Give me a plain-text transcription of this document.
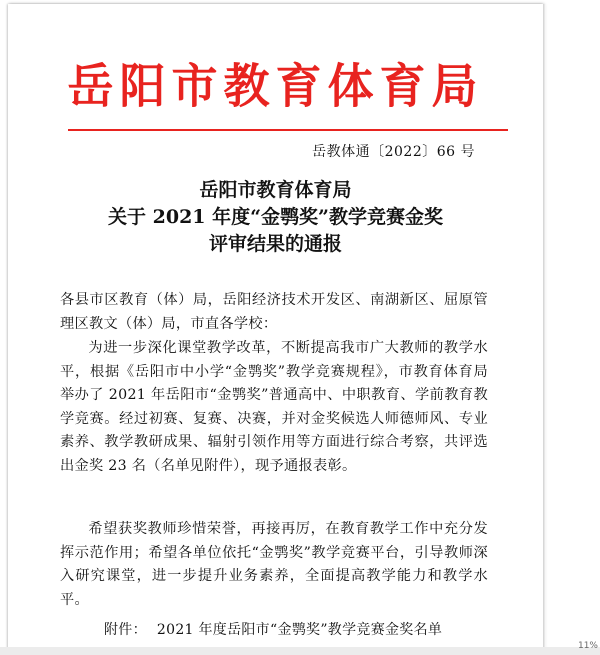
岳阳市教育体育局
岳教体通〔2022〕66 号
岳阳市教育体育局
关于 2021 年度“金鹗奖”教学竞赛金奖
评审结果的通报
各县市区教育（体）局，岳阳经济技术开发区、南湖新区、屈原管理区教文（体）局，市直各学校：
为进一步深化课堂教学改革，不断提高我市广大教师的教学水平，根据《岳阳市中小学“金鹗奖”教学竞赛规程》，市教育体育局举办了 2021 年岳阳市“金鹗奖”普通高中、中职教育、学前教育教学竞赛。经过初赛、复赛、决赛，并对金奖候选人师德师风、专业素养、教学教研成果、辐射引领作用等方面进行综合考察，共评选出金奖 23 名（名单见附件），现予通报表彰。
希望获奖教师珍惜荣誉，再接再厉，在教育教学工作中充分发挥示范作用；希望各单位依托“金鹗奖”教学竞赛平台，引导教师深入研究课堂，进一步提升业务素养，全面提高教学能力和教学水平。
附件： 2021 年度岳阳市“金鹗奖”教学竞赛金奖名单
11%
